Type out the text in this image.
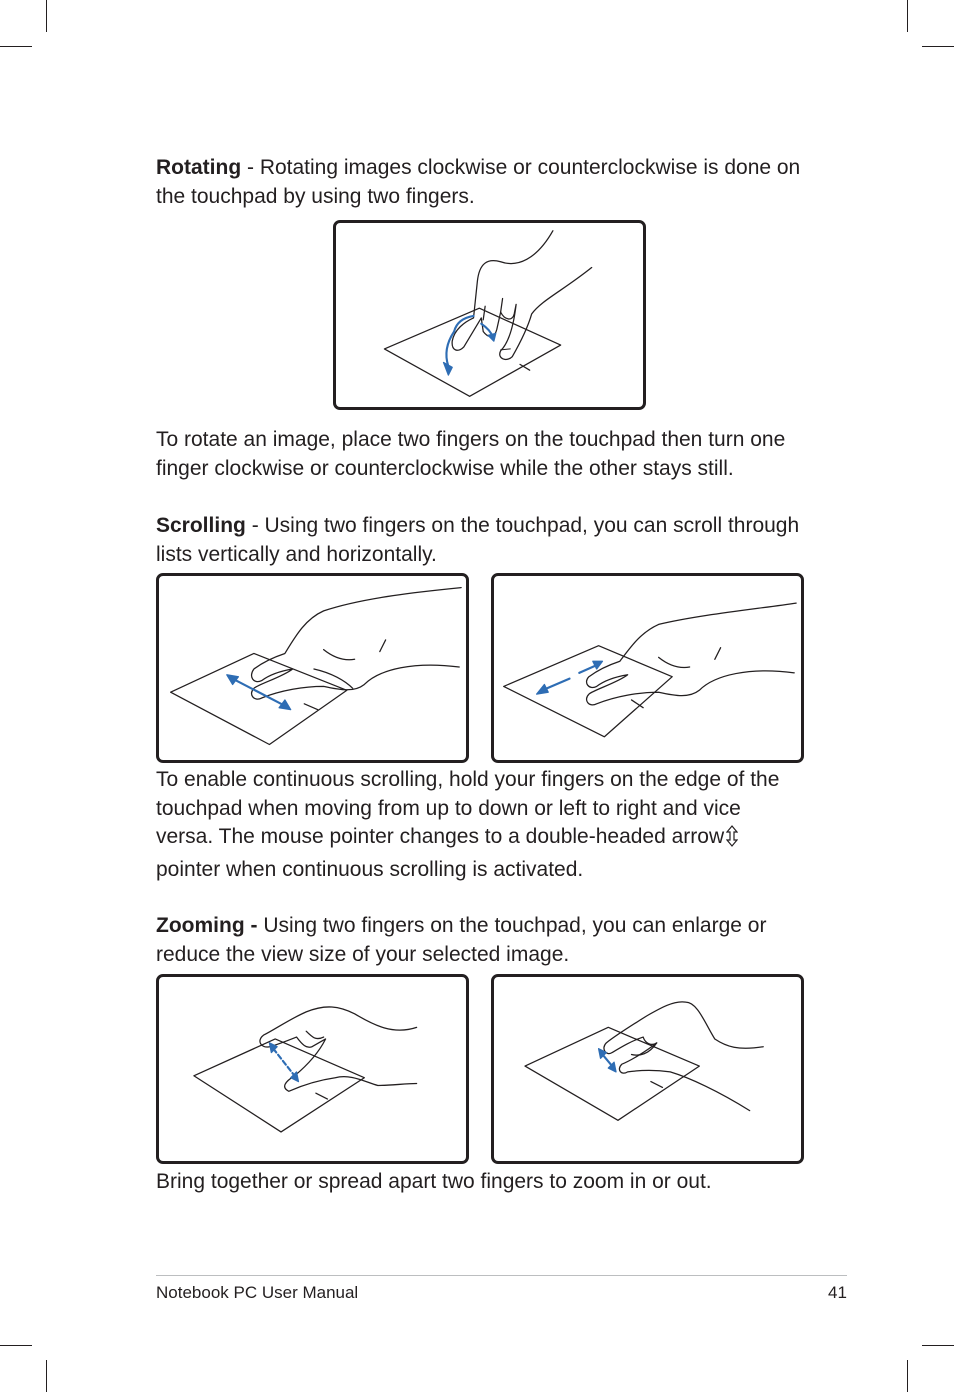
Rotating - Rotating images clockwise or counterclockwise is done on the touchpad by using two fingers.

To rotate an image, place two fingers on the touchpad then turn one finger clockwise or counterclockwise while the other stays still.

Scrolling - Using two fingers on the touchpad, you can scroll through lists vertically and horizontally.

To enable continuous scrolling, hold your fingers on the edge of the touchpad when moving from up to down or left to right and vice versa. The mouse pointer changes to a double-headed arrow pointer when continuous scrolling is activated.

Zooming - Using two fingers on the touchpad, you can enlarge or reduce the view size of your selected image.

Bring together or spread apart two fingers to zoom in or out.

Notebook PC User Manual	41
